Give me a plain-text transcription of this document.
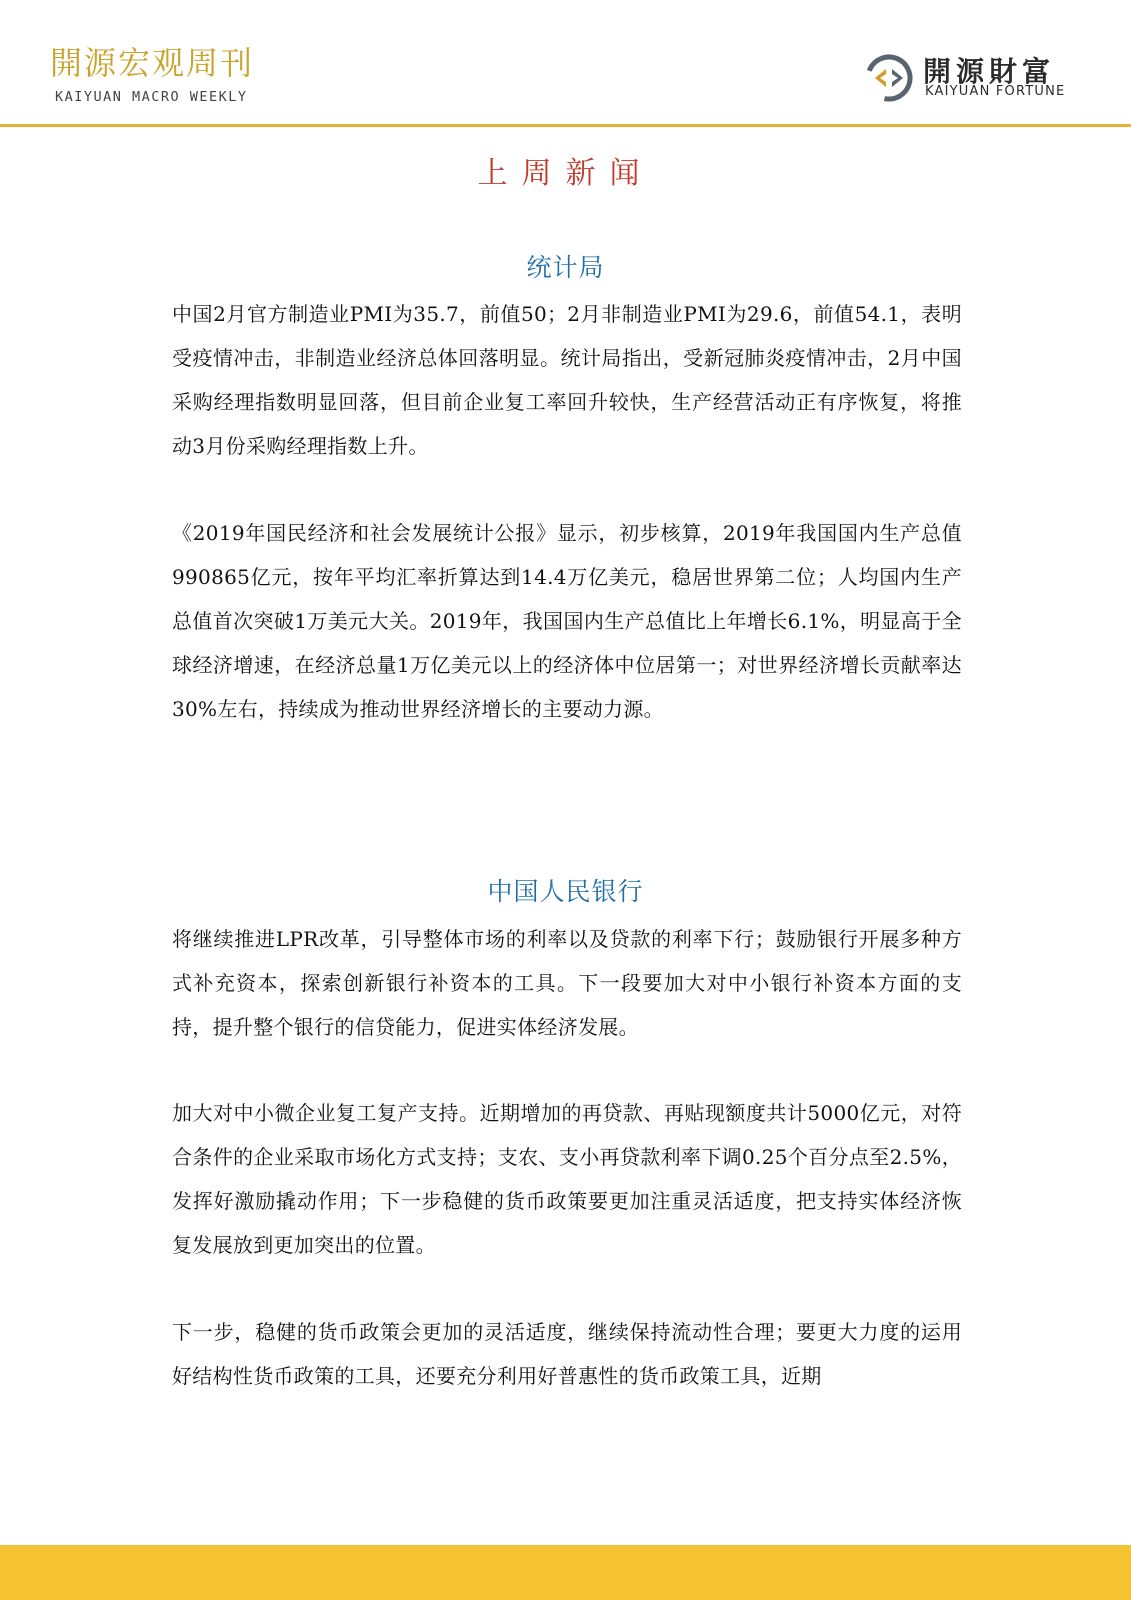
開源宏观周刊
KAIYUAN MACRO WEEKLY
開源財富
KAIYUAN FORTUNE
上周新闻
统计局
中国2月官方制造业PMI为35.7，前值50；2月非制造业PMI为29.6，前值54.1，表明受疫情冲击，非制造业经济总体回落明显。统计局指出，受新冠肺炎疫情冲击，2月中国采购经理指数明显回落，但目前企业复工率回升较快，生产经营活动正有序恢复，将推动3月份采购经理指数上升。
《2019年国民经济和社会发展统计公报》显示，初步核算，2019年我国国内生产总值990865亿元，按年平均汇率折算达到14.4万亿美元，稳居世界第二位；人均国内生产总值首次突破1万美元大关。2019年，我国国内生产总值比上年增长6.1%，明显高于全球经济增速，在经济总量1万亿美元以上的经济体中位居第一；对世界经济增长贡献率达30%左右，持续成为推动世界经济增长的主要动力源。
中国人民银行
将继续推进LPR改革，引导整体市场的利率以及贷款的利率下行；鼓励银行开展多种方式补充资本，探索创新银行补资本的工具。下一段要加大对中小银行补资本方面的支持，提升整个银行的信贷能力，促进实体经济发展。
加大对中小微企业复工复产支持。近期增加的再贷款、再贴现额度共计5000亿元，对符合条件的企业采取市场化方式支持；支农、支小再贷款利率下调0.25个百分点至2.5%，发挥好激励撬动作用；下一步稳健的货币政策要更加注重灵活适度，把支持实体经济恢复发展放到更加突出的位置。
下一步，稳健的货币政策会更加的灵活适度，继续保持流动性合理；要更大力度的运用好结构性货币政策的工具，还要充分利用好普惠性的货币政策工具，近期
